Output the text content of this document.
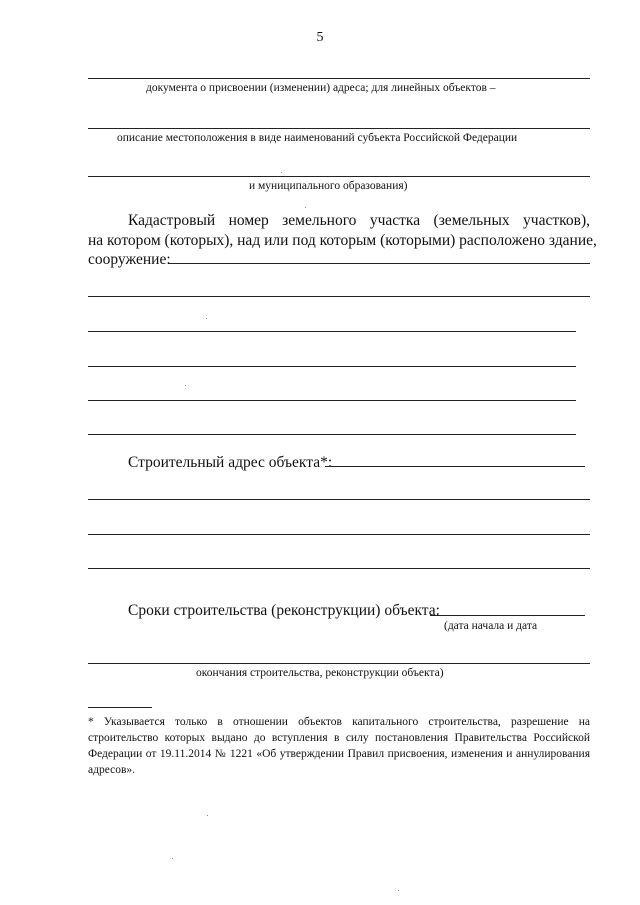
5
документа о присвоении (изменении) адреса; для линейных объектов –
описание местоположения в виде наименований субъекта Российской Федерации
и муниципального образования)
Кадастровый номер земельного участка (земельных участков),
на котором (которых), над или под которым (которыми) расположено здание,
сооружение:
Строительный адрес объекта*:
Сроки строительства (реконструкции) объекта:
(дата начала и дата
окончания строительства, реконструкции объекта)
* Указывается только в отношении объектов капитального строительства, разрешение на строительство которых выдано до вступления в силу постановления Правительства Российской Федерации от 19.11.2014 № 1221 «Об утверждении Правил присвоения, изменения и аннулирования адресов».
